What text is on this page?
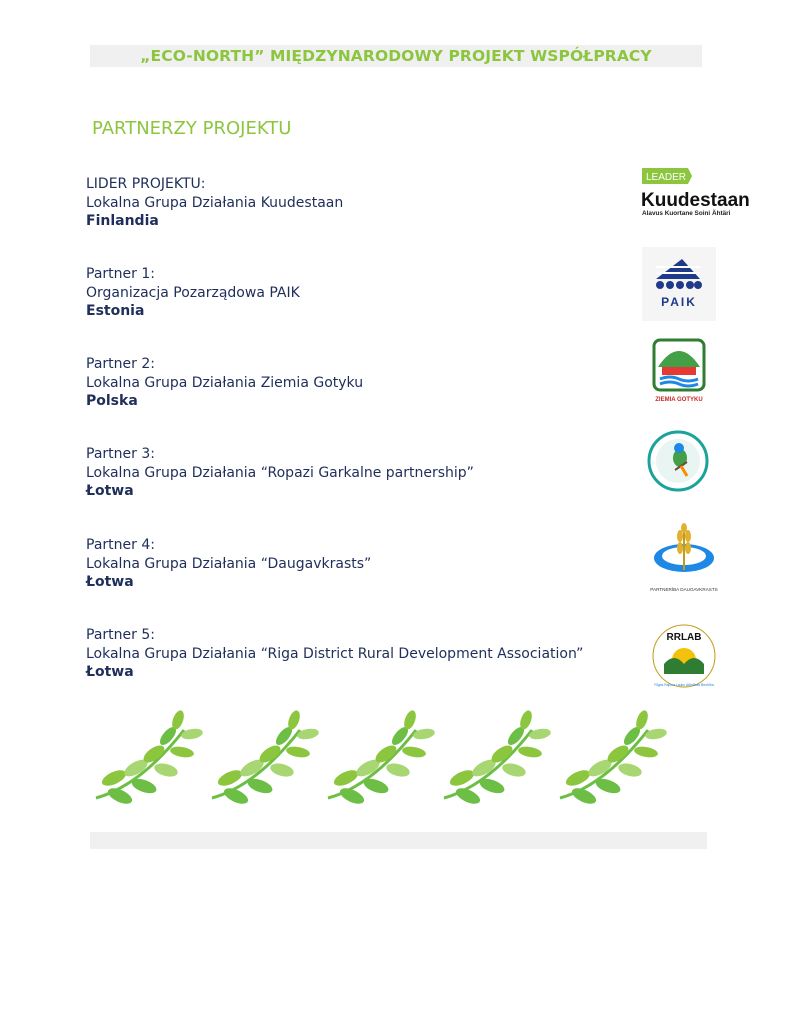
„ECO-NORTH” MIĘDZYNARODOWY PROJEKT WSPÓŁPRACY
PARTNERZY PROJEKTU
LIDER PROJEKTU:
Lokalna Grupa Działania Kuudestaan
Finlandia
Partner 1:
Organizacja Pozarządowa PAIK
Estonia
Partner 2:
Lokalna Grupa Działania Ziemia Gotyku
Polska
Partner 3:
Lokalna Grupa Działania “Ropazi Garkalne partnership”
Łotwa
Partner 4:
Lokalna Grupa Działania “Daugavkrasts”
Łotwa
Partner 5:
Lokalna Grupa Działania “Riga District Rural Development Association”
Łotwa
LEADER
Kuudestaan
Alavus Kuortane Soini Ähtäri
PAIK
ZIEMIA GOTYKU
PARTNERĪBA DAUGAVKRASTS
RRLAB
Rīgas Rajona Lauku Attīstības Biedrība
